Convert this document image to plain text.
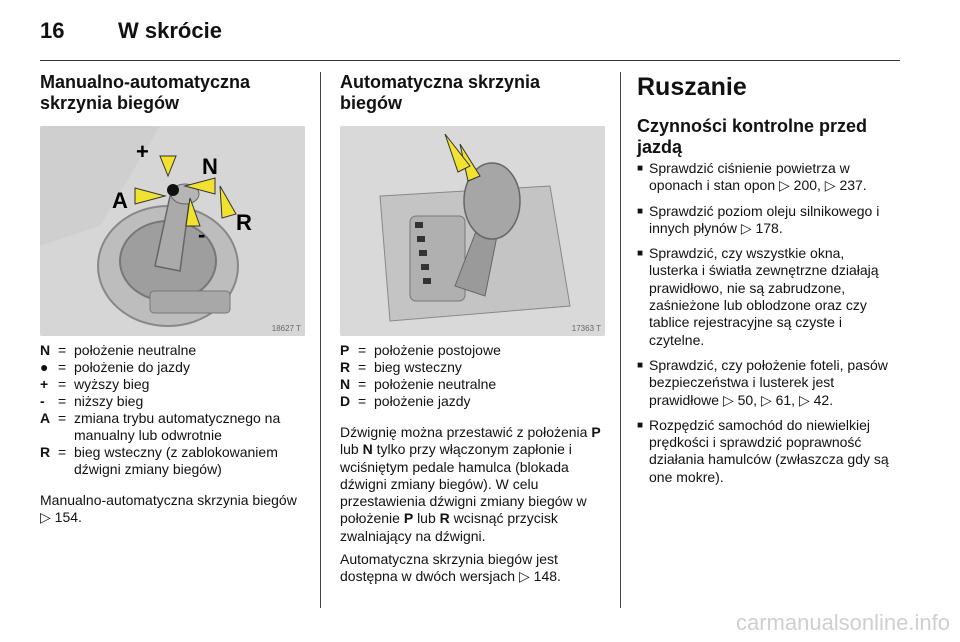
16 W skrócie
Manualno-automatyczna skrzynia biegów
+
N
A
- R
18627 T
N = położenie neutralne
● = położenie do jazdy
+ = wyższy bieg
- = niższy bieg
A = zmiana trybu automatycznego na manualny lub odwrotnie
R = bieg wsteczny (z zablokowaniem dźwigni zmiany biegów)

Manualno-automatyczna skrzynia biegów ▷ 154.

Automatyczna skrzynia biegów
17363 T
P = położenie postojowe
R = bieg wsteczny
N = położenie neutralne
D = położenie jazdy

Dźwignię można przestawić z położenia P lub N tylko przy włączonym zapłonie i wciśniętym pedale hamulca (blokada dźwigni zmiany biegów). W celu przestawienia dźwigni zmiany biegów w położenie P lub R wcisnąć przycisk zwalniający na dźwigni.

Automatyczna skrzynia biegów jest dostępna w dwóch wersjach ▷ 148.

Ruszanie
Czynności kontrolne przed jazdą
■ Sprawdzić ciśnienie powietrza w oponach i stan opon ▷ 200, ▷ 237.
■ Sprawdzić poziom oleju silnikowego i innych płynów ▷ 178.
■ Sprawdzić, czy wszystkie okna, lusterka i światła zewnętrzne działają prawidłowo, nie są zabrudzone, zaśnieżone lub oblodzone oraz czy tablice rejestracyjne są czyste i czytelne.
■ Sprawdzić, czy położenie foteli, pasów bezpieczeństwa i lusterek jest prawidłowe ▷ 50, ▷ 61, ▷ 42.
■ Rozpędzić samochód do niewielkiej prędkości i sprawdzić poprawność działania hamulców (zwłaszcza gdy są one mokre).
carmanualsonline.info
